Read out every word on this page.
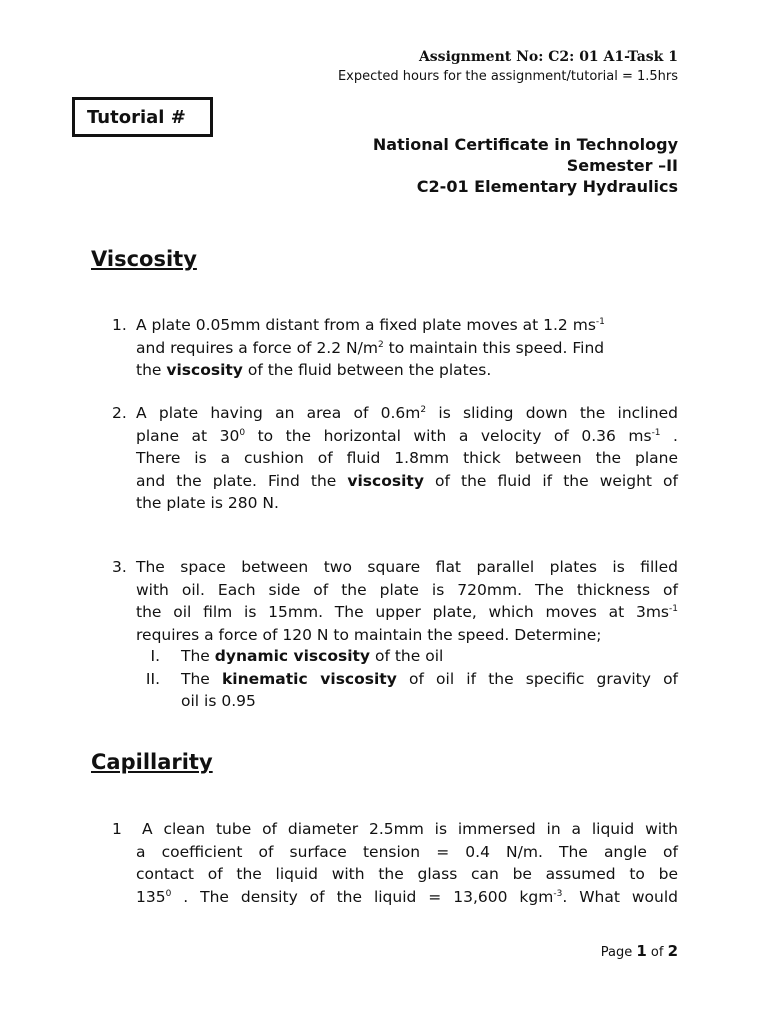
Assignment No: C2: 01 A1-Task 1
Expected hours for the assignment/tutorial = 1.5hrs
Tutorial #
National Certificate in Technology
Semester –II
C2-01 Elementary Hydraulics
Viscosity
1. A plate 0.05mm distant from a fixed plate moves at 1.2 $ms^{-1}$
and requires a force of 2.2 $N/m^2$ to maintain this speed. Find
the viscosity of the fluid between the plates.
2. A plate having an area of $0.6m^2$ is sliding down the inclined
plane at $30^0$ to the horizontal with a velocity of 0.36 $ms^{-1}$ .
There is a cushion of fluid 1.8mm thick between the plane
and the plate. Find the viscosity of the fluid if the weight of
the plate is 280 N.
3. The space between two square flat parallel plates is filled
with oil. Each side of the plate is 720mm. The thickness of
the oil film is 15mm. The upper plate, which moves at $3ms^{-1}$
requires a force of 120 N to maintain the speed. Determine;
I. The dynamic viscosity of the oil
II. The kinematic viscosity of oil if the specific gravity of
oil is 0.95
Capillarity
1	A clean tube of diameter 2.5mm is immersed in a liquid with
a coefficient of surface tension = 0.4 N/m. The angle of
contact of the liquid with the glass can be assumed to be
$135^0$ . The density of the liquid = 13,600 kgm$^{-3}$. What would
Page 1 of 2
